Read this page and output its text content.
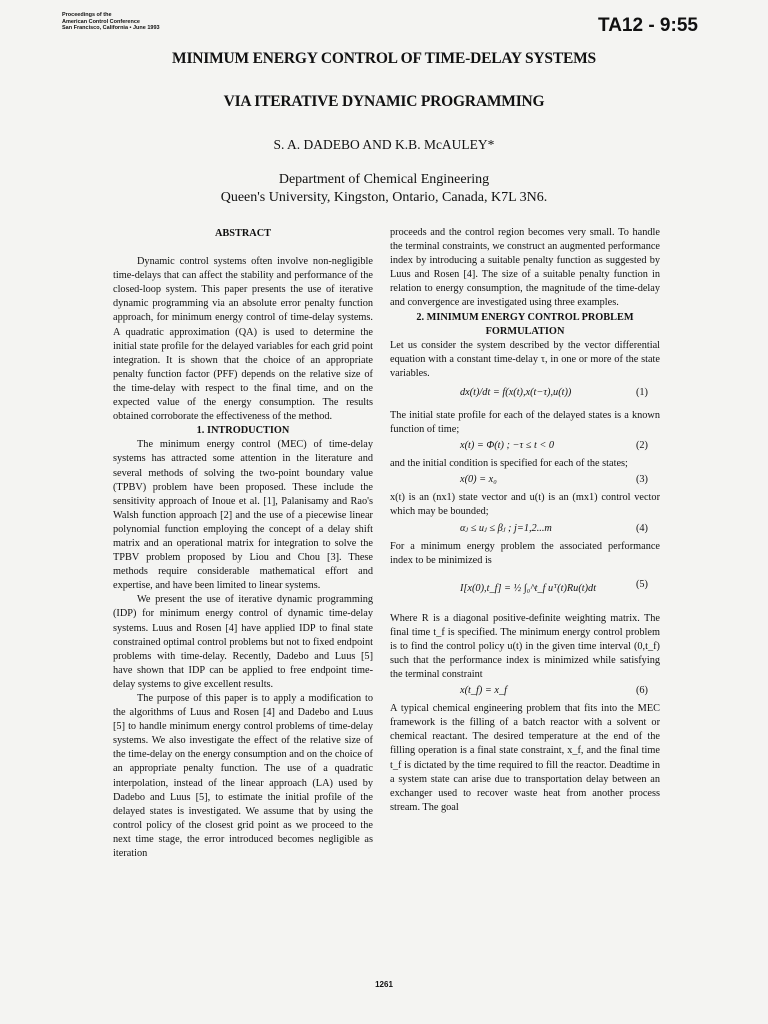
Proceedings of the
American Control Conference
San Francisco, California • June 1993	TA12 - 9:55
MINIMUM ENERGY CONTROL OF TIME-DELAY SYSTEMS
VIA ITERATIVE DYNAMIC PROGRAMMING
S. A. DADEBO AND K.B. McAULEY*
Department of Chemical Engineering
Queen's University, Kingston, Ontario, Canada, K7L 3N6.

ABSTRACT

Dynamic control systems often involve non-negligible time-delays that can affect the stability and performance of the closed-loop system. This paper presents the use of iterative dynamic programming via an absolute error penalty function approach, for minimum energy control of time-delay systems. A quadratic approximation (QA) is used to determine the initial state profile for the delayed variables for each grid point integration. It is shown that the choice of an appropriate penalty function factor (PFF) depends on the relative size of the time-delay with respect to the final time, and on the expected value of the energy consumption. The results obtained corroborate the effectiveness of the method.

1. INTRODUCTION

The minimum energy control (MEC) of time-delay systems has attracted some attention in the literature and several methods of solving the two-point boundary value (TPBV) problem have been proposed. These include the sensitivity approach of Inoue et al. [1], Palanisamy and Rao's Walsh function approach [2] and the use of a piecewise linear polynomial function employing the concept of a delay shift matrix and an operational matrix for integration to solve the TPBV problem proposed by Liou and Chou [3]. These methods require considerable mathematical effort and expertise, and have been limited to linear systems.

We present the use of iterative dynamic programming (IDP) for minimum energy control of dynamic time-delay systems. Luus and Rosen [4] have applied IDP to final state constrained optimal control problems but not to fixed endpoint problems with time-delay. Recently, Dadebo and Luus [5] have shown that IDP can be applied to free endpoint time-delay systems to give excellent results.

The purpose of this paper is to apply a modification to the algorithms of Luus and Rosen [4] and Dadebo and Luus [5] to handle minimum energy control problems of time-delay systems. We also investigate the effect of the relative size of the time-delay on the energy consumption and on the choice of an appropriate penalty function. The use of a quadratic interpolation, instead of the linear approach (LA) used by Dadebo and Luus [5], to estimate the initial profile of the delayed states is investigated. We assume that by using the control policy of the closest grid point as we proceed to the next time stage, the error introduced becomes negligible as iteration

proceeds and the control region becomes very small. To handle the terminal constraints, we construct an augmented performance index by introducing a suitable penalty function as suggested by Luus and Rosen [4]. The size of a suitable penalty function in relation to energy consumption, the magnitude of the time-delay and convergence are investigated using three examples.

2. MINIMUM ENERGY CONTROL PROBLEM

FORMULATION

Let us consider the system described by the vector differential equation with a constant time-delay τ, in one or more of the state variables.

dx(t)/dt = f(x(t),x(t−τ),u(t))	(1)

The initial state profile for each of the delayed states is a known function of time;

x(t) = Φ(t) ; −τ ≤ t < 0	(2)

and the initial condition is specified for each of the states;

x(0) = x₀	(3)

x(t) is an (nx1) state vector and u(t) is an (mx1) control vector which may be bounded;

αⱼ ≤ uⱼ ≤ βⱼ ; j=1,2...m	(4)

For a minimum energy problem the associated performance index to be minimized is

I[x(0),t_f] = ½ ∫₀^t_f uᵀ(t)Ru(t)dt	(5)

Where R is a diagonal positive-definite weighting matrix. The final time t_f is specified. The minimum energy control problem is to find the control policy u(t) in the given time interval (0,t_f) such that the performance index is minimized while satisfying the terminal constraint

x(t_f) = x_f	(6)

A typical chemical engineering problem that fits into the MEC framework is the filling of a batch reactor with a solvent or chemical reactant. The desired temperature at the end of the filling operation is a final state constraint, x_f, and the final time t_f is dictated by the time required to fill the reactor. Deadtime in a system state can arise due to transportation delay between an exchanger used to recover waste heat from another process stream. The goal

1261
